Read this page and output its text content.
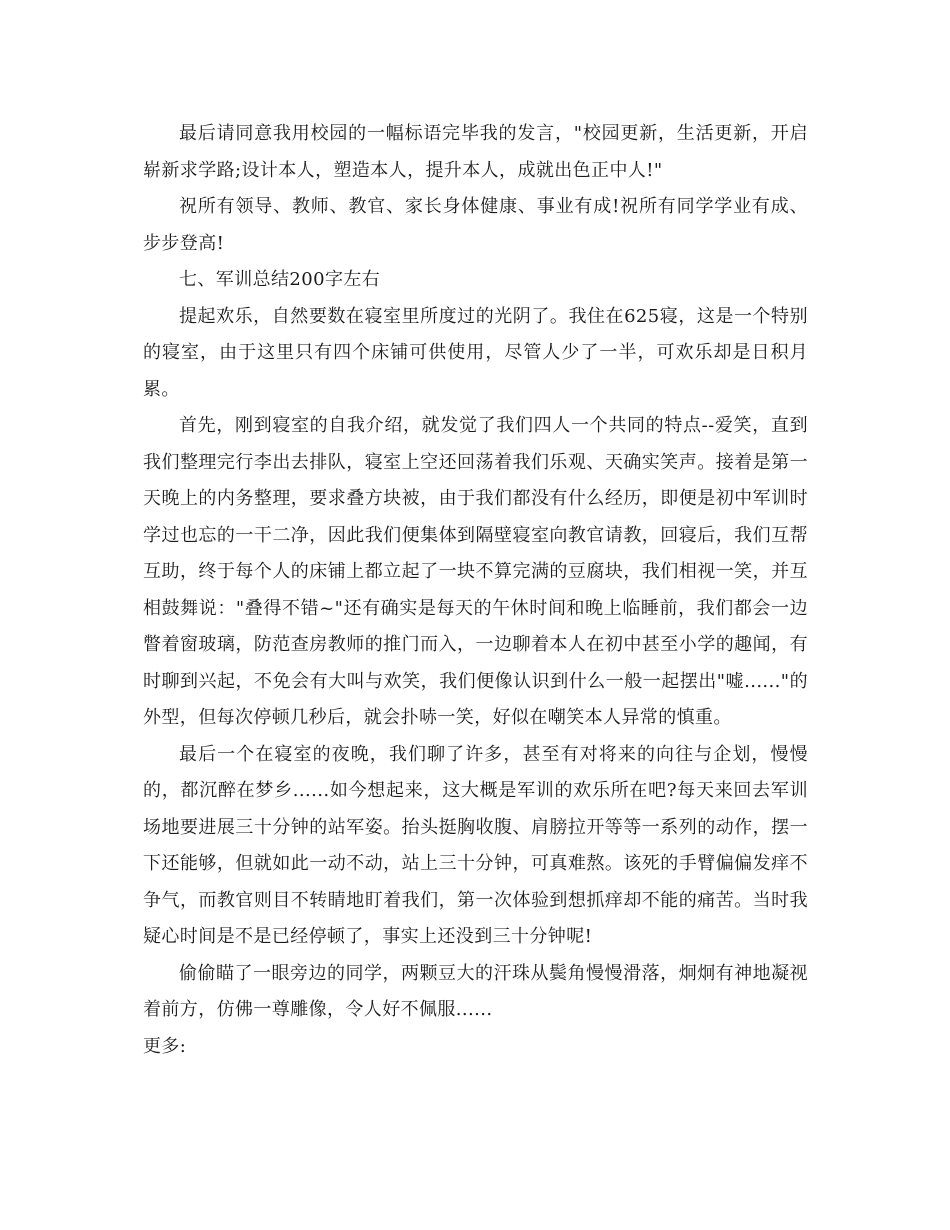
最后请同意我用校园的一幅标语完毕我的发言，"校园更新，生活更新，开启崭新求学路;设计本人，塑造本人，提升本人，成就出色正中人!"

祝所有领导、教师、教官、家长身体健康、事业有成!祝所有同学学业有成、步步登高!

七、军训总结200字左右

提起欢乐，自然要数在寝室里所度过的光阴了。我住在625寝，这是一个特别的寝室，由于这里只有四个床铺可供使用，尽管人少了一半，可欢乐却是日积月累。

首先，刚到寝室的自我介绍，就发觉了我们四人一个共同的特点--爱笑，直到我们整理完行李出去排队，寝室上空还回荡着我们乐观、天确实笑声。接着是第一天晚上的内务整理，要求叠方块被，由于我们都没有什么经历，即便是初中军训时学过也忘的一干二净，因此我们便集体到隔壁寝室向教官请教，回寝后，我们互帮互助，终于每个人的床铺上都立起了一块不算完满的豆腐块，我们相视一笑，并互相鼓舞说："叠得不错~"还有确实是每天的午休时间和晚上临睡前，我们都会一边瞥着窗玻璃，防范查房教师的推门而入，一边聊着本人在初中甚至小学的趣闻，有时聊到兴起，不免会有大叫与欢笑，我们便像认识到什么一般一起摆出"嘘......"的外型，但每次停顿几秒后，就会扑哧一笑，好似在嘲笑本人异常的慎重。

最后一个在寝室的夜晚，我们聊了许多，甚至有对将来的向往与企划，慢慢的，都沉醉在梦乡......如今想起来，这大概是军训的欢乐所在吧?每天来回去军训场地要进展三十分钟的站军姿。抬头挺胸收腹、肩膀拉开等等一系列的动作，摆一下还能够，但就如此一动不动，站上三十分钟，可真难熬。该死的手臂偏偏发痒不争气，而教官则目不转睛地盯着我们，第一次体验到想抓痒却不能的痛苦。当时我疑心时间是不是已经停顿了，事实上还没到三十分钟呢!

偷偷瞄了一眼旁边的同学，两颗豆大的汗珠从鬓角慢慢滑落，炯炯有神地凝视着前方，仿佛一尊雕像，令人好不佩服......

更多:
